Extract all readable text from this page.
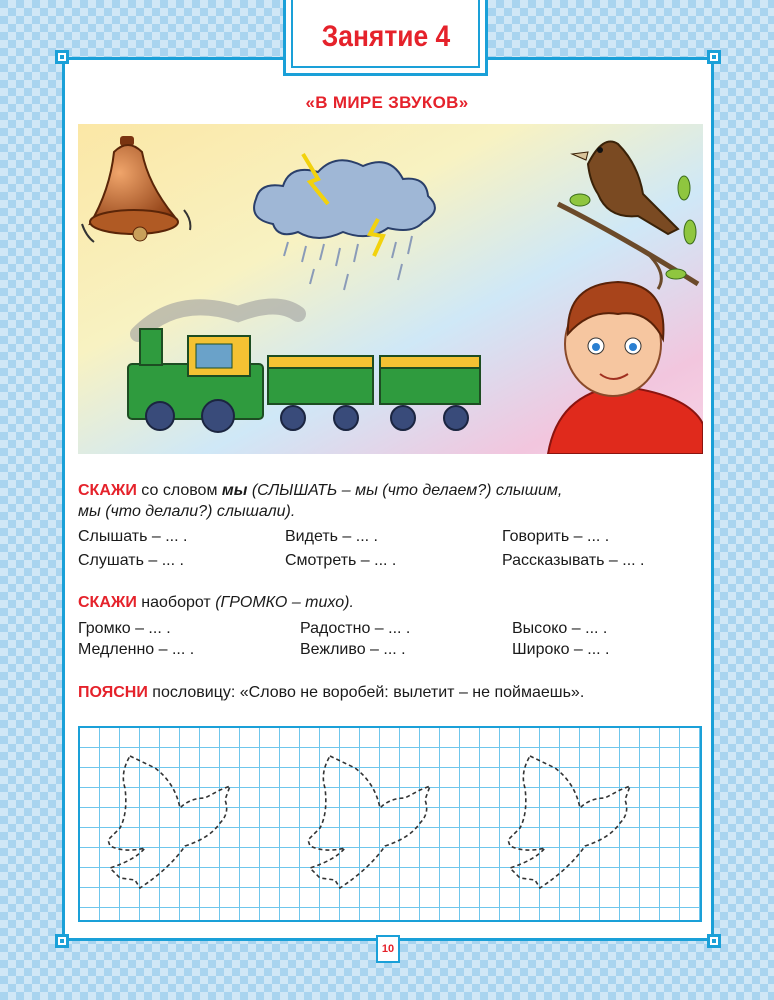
Занятие 4
«В МИРЕ ЗВУКОВ»
СКАЖИ со словом мы (СЛЫШАТЬ – мы (что делаем?) слышим,
мы (что делали?) слышали).
Слышать – ... .	Видеть – ... .	Говорить – ... .
Слушать – ... .	Смотреть – ... .	Рассказывать – ... .
СКАЖИ наоборот (ГРОМКО – тихо).
Громко – ... .	Радостно – ... .	Высоко – ... .
Медленно – ... .	Вежливо – ... .	Широко – ... .
ПОЯСНИ пословицу: «Слово не воробей: вылетит – не поймаешь».
10
